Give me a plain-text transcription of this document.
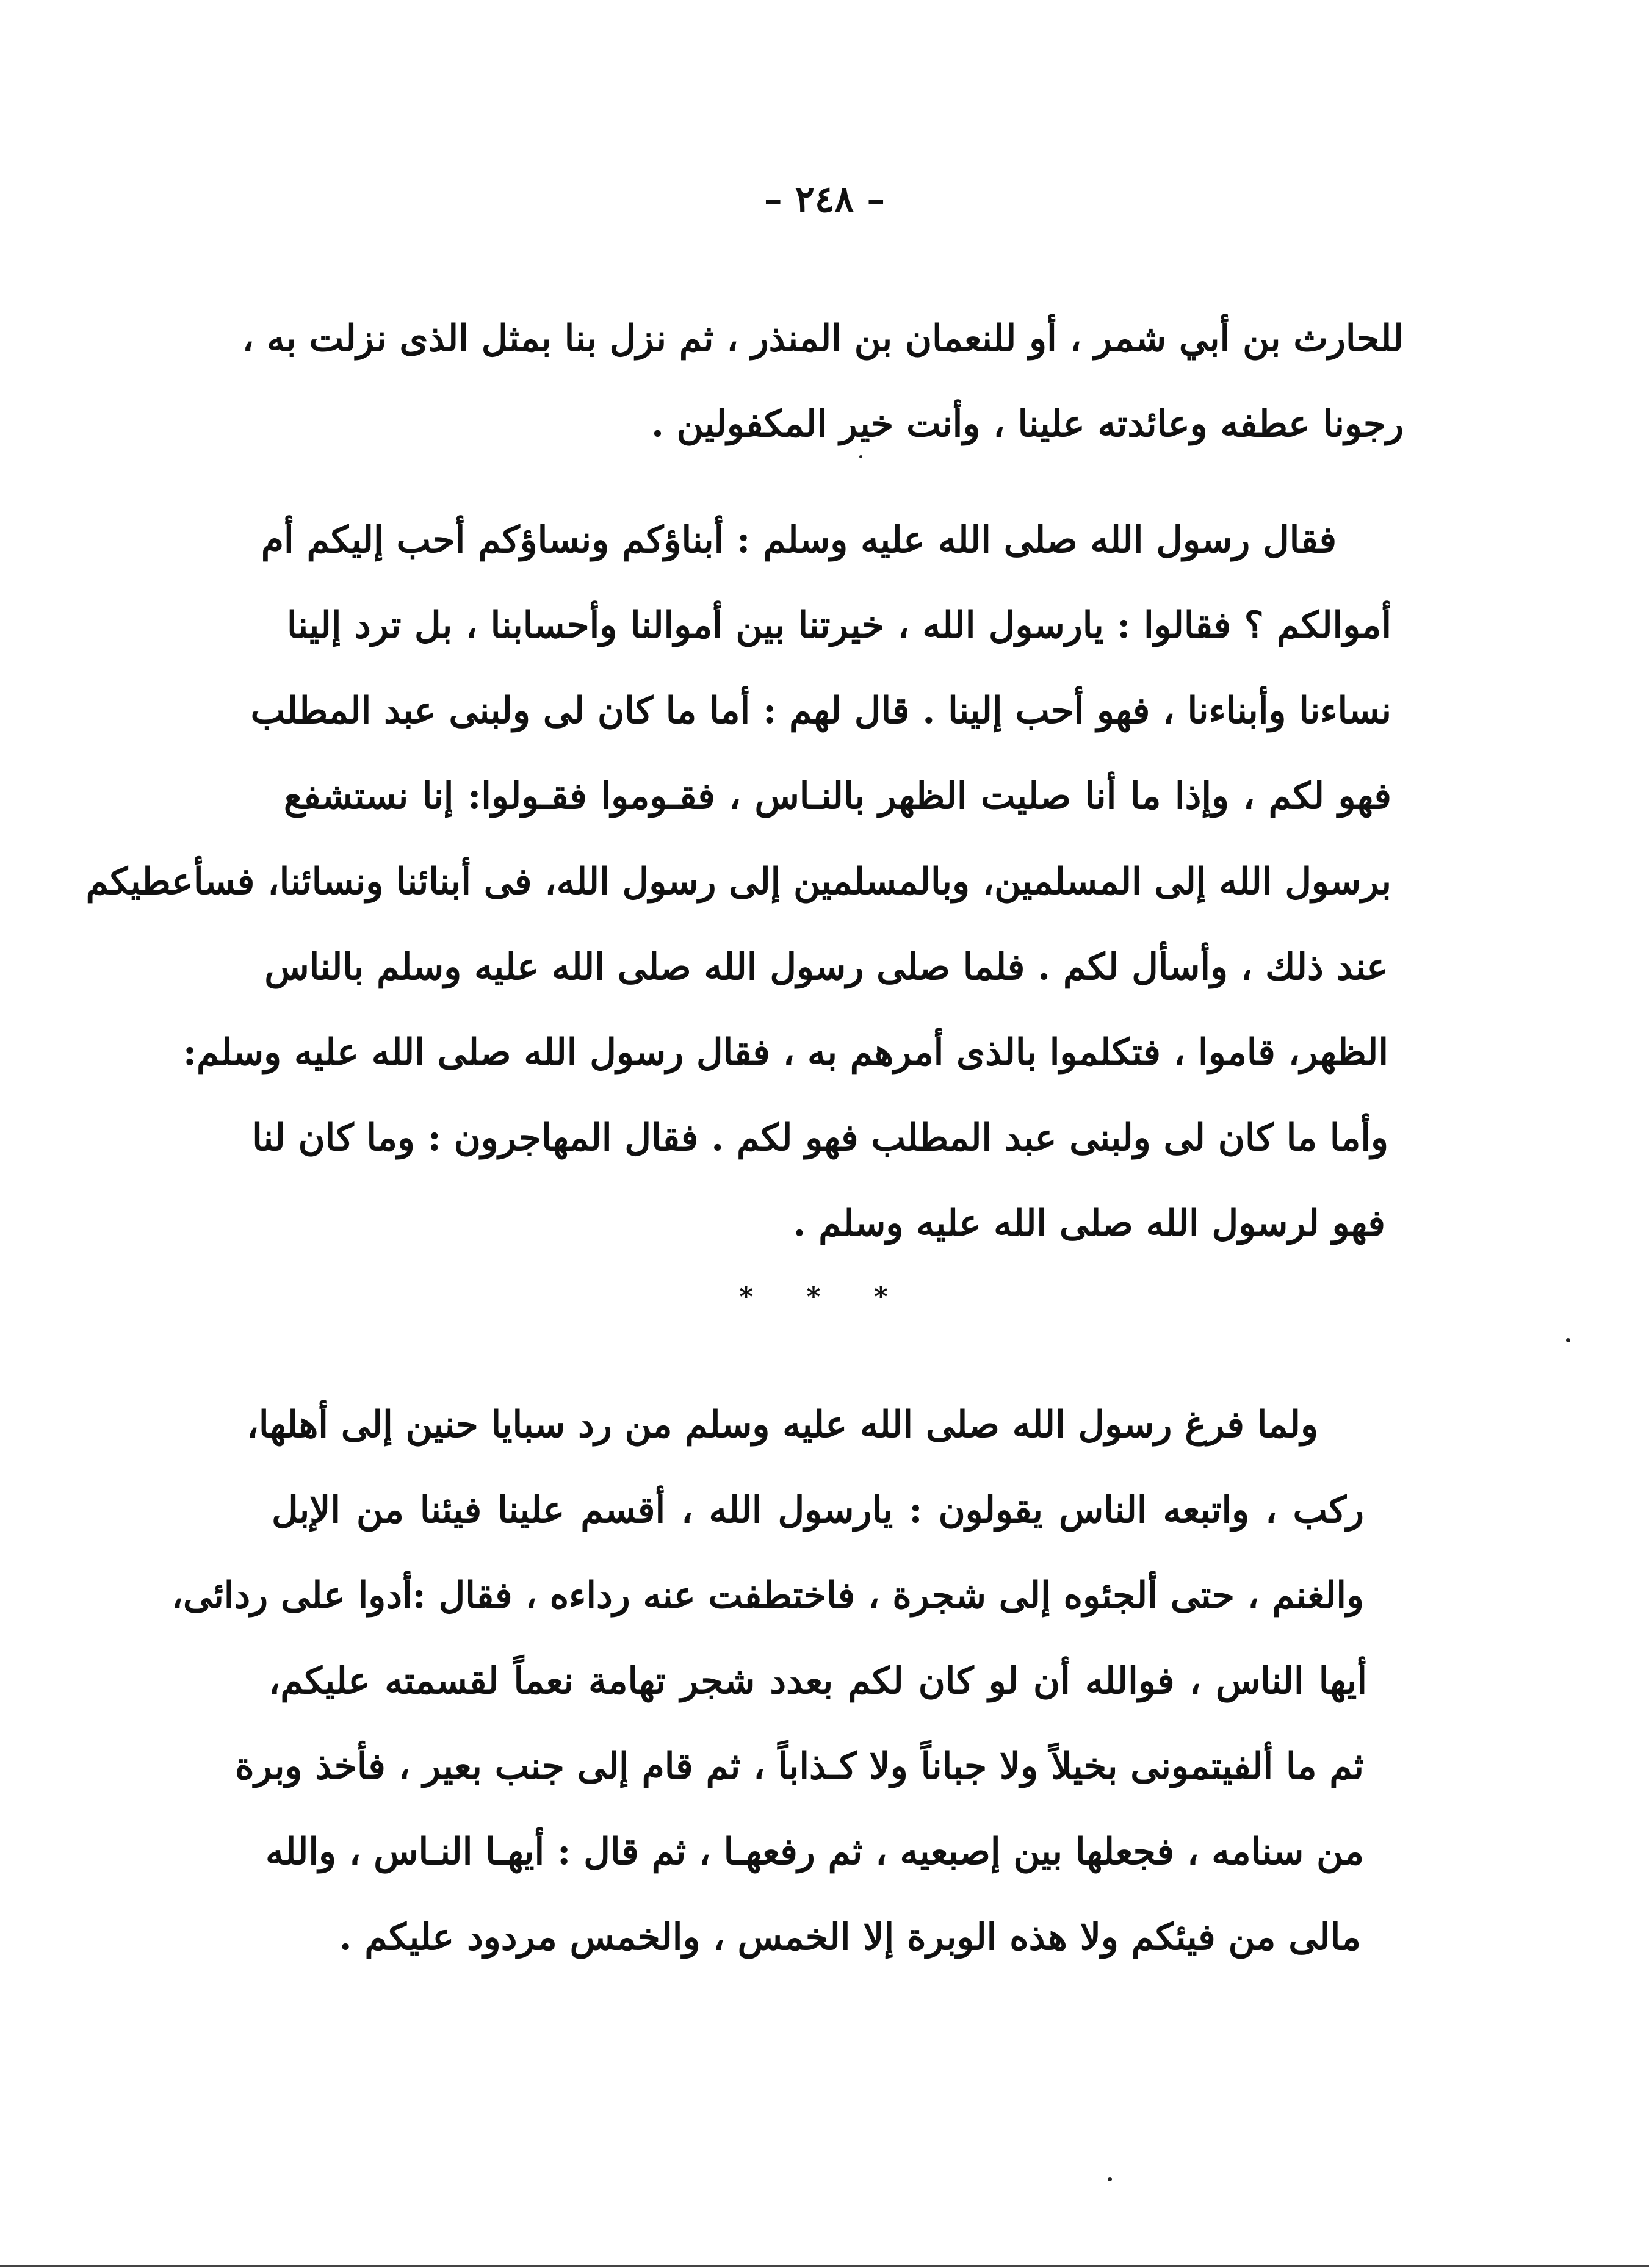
– ٢٤٨ –
للحارث بن أبي شمر ، أو للنعمان بن المنذر ، ثم نزل بنا بمثل الذى نزلت به ،
رجونا عطفه وعائدته علينا ، وأنت خير المكفولين .
فقال رسول الله صلى الله عليه وسلم : أبناؤكم ونساؤكم أحب إليكم أم
أموالكم ؟ فقالوا : يارسول الله ، خيرتنا بين أموالنا وأحسابنا ، بل ترد إلينا
نساءنا وأبناءنا ، فهو أحب إلينا . قال لهم : أما ما كان لى ولبنى عبد المطلب
فهو لكم ، وإذا ما أنا صليت الظهر بالنـاس ، فقـوموا فقـولوا: إنا نستشفع
برسول الله إلى المسلمين، وبالمسلمين إلى رسول الله، فى أبنائنا ونسائنا، فسأعطيكم
عند ذلك ، وأسأل لكم . فلما صلى رسول الله صلى الله عليه وسلم بالناس
الظهر، قاموا ، فتكلموا بالذى أمرهم به ، فقال رسول الله صلى الله عليه وسلم:
وأما ما كان لى ولبنى عبد المطلب فهو لكم . فقال المهاجرون : وما كان لنا
فهو لرسول الله صلى الله عليه وسلم .
* * *
ولما فرغ رسول الله صلى الله عليه وسلم من رد سبايا حنين إلى أهلها،
ركب ، واتبعه الناس يقولون : يارسول الله ، أقسم علينا فيئنا من الإبل
والغنم ، حتى ألجئوه إلى شجرة ، فاختطفت عنه رداءه ، فقال :أدوا على ردائى،
أيها الناس ، فوالله أن لو كان لكم بعدد شجر تهامة نعماً لقسمته عليكم،
ثم ما ألفيتمونى بخيلاً ولا جباناً ولا كـذاباً ، ثم قام إلى جنب بعير ، فأخذ وبرة
من سنامه ، فجعلها بين إصبعيه ، ثم رفعهـا ، ثم قال : أيهـا النـاس ، والله
مالى من فيئكم ولا هذه الوبرة إلا الخمس ، والخمس مردود عليكم .
